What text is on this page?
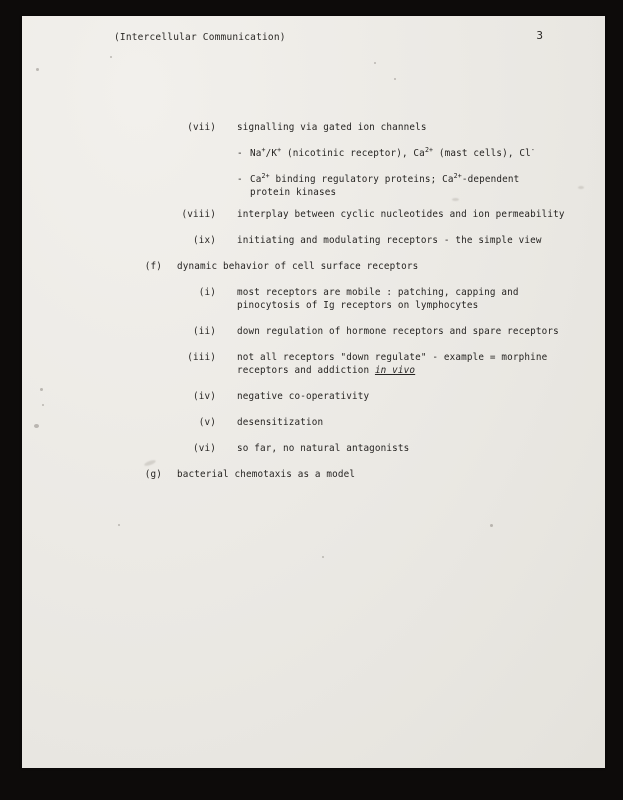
(Intercellular Communication)	3
(vii) signalling via gated ion channels
- Na+/K+ (nicotinic receptor), $Ca^{2+}$ (mast cells), Cl-
- $Ca^{2+}$ binding regulatory proteins; $Ca^{2+}$-dependent
protein kinases
(viii) interplay between cyclic nucleotides and ion permeability
(ix) initiating and modulating receptors - the simple view
(f) dynamic behavior of cell surface receptors
(i) most receptors are mobile : patching, capping and
pinocytosis of Ig receptors on lymphocytes
(ii) down regulation of hormone receptors and spare receptors
(iii) not all receptors "down regulate" - example = morphine
receptors and addiction in vivo
(iv) negative co-operativity
(v) desensitization
(vi) so far, no natural antagonists
(g) bacterial chemotaxis as a model
